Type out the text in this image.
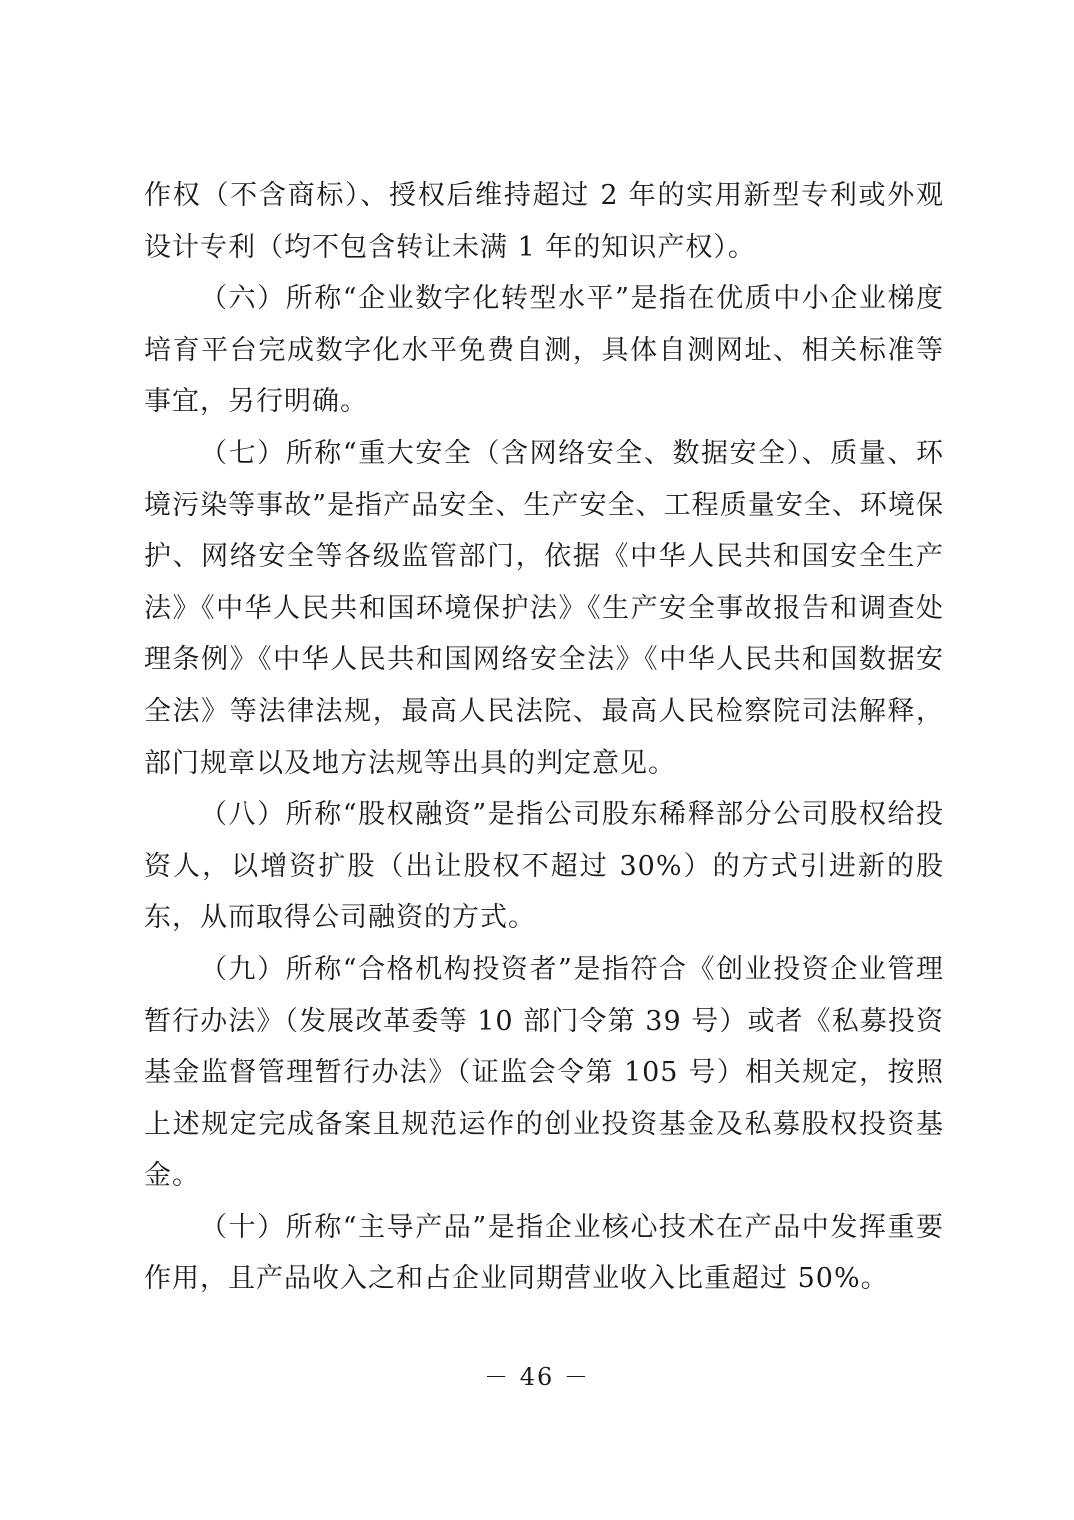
作权（不含商标）、授权后维持超过 2 年的实用新型专利或外观设计专利（均不包含转让未满 1 年的知识产权）。

（六）所称“企业数字化转型水平”是指在优质中小企业梯度培育平台完成数字化水平免费自测，具体自测网址、相关标准等事宜，另行明确。

（七）所称“重大安全（含网络安全、数据安全）、质量、环境污染等事故”是指产品安全、生产安全、工程质量安全、环境保护、网络安全等各级监管部门，依据《中华人民共和国安全生产法》《中华人民共和国环境保护法》《生产安全事故报告和调查处理条例》《中华人民共和国网络安全法》《中华人民共和国数据安全法》等法律法规，最高人民法院、最高人民检察院司法解释，部门规章以及地方法规等出具的判定意见。

（八）所称“股权融资”是指公司股东稀释部分公司股权给投资人，以增资扩股（出让股权不超过 30%）的方式引进新的股东，从而取得公司融资的方式。

（九）所称“合格机构投资者”是指符合《创业投资企业管理暂行办法》（发展改革委等 10 部门令第 39 号）或者《私募投资基金监督管理暂行办法》（证监会令第 105 号）相关规定，按照上述规定完成备案且规范运作的创业投资基金及私募股权投资基金。

（十）所称“主导产品”是指企业核心技术在产品中发挥重要作用，且产品收入之和占企业同期营业收入比重超过 50%。

－ 46 －
